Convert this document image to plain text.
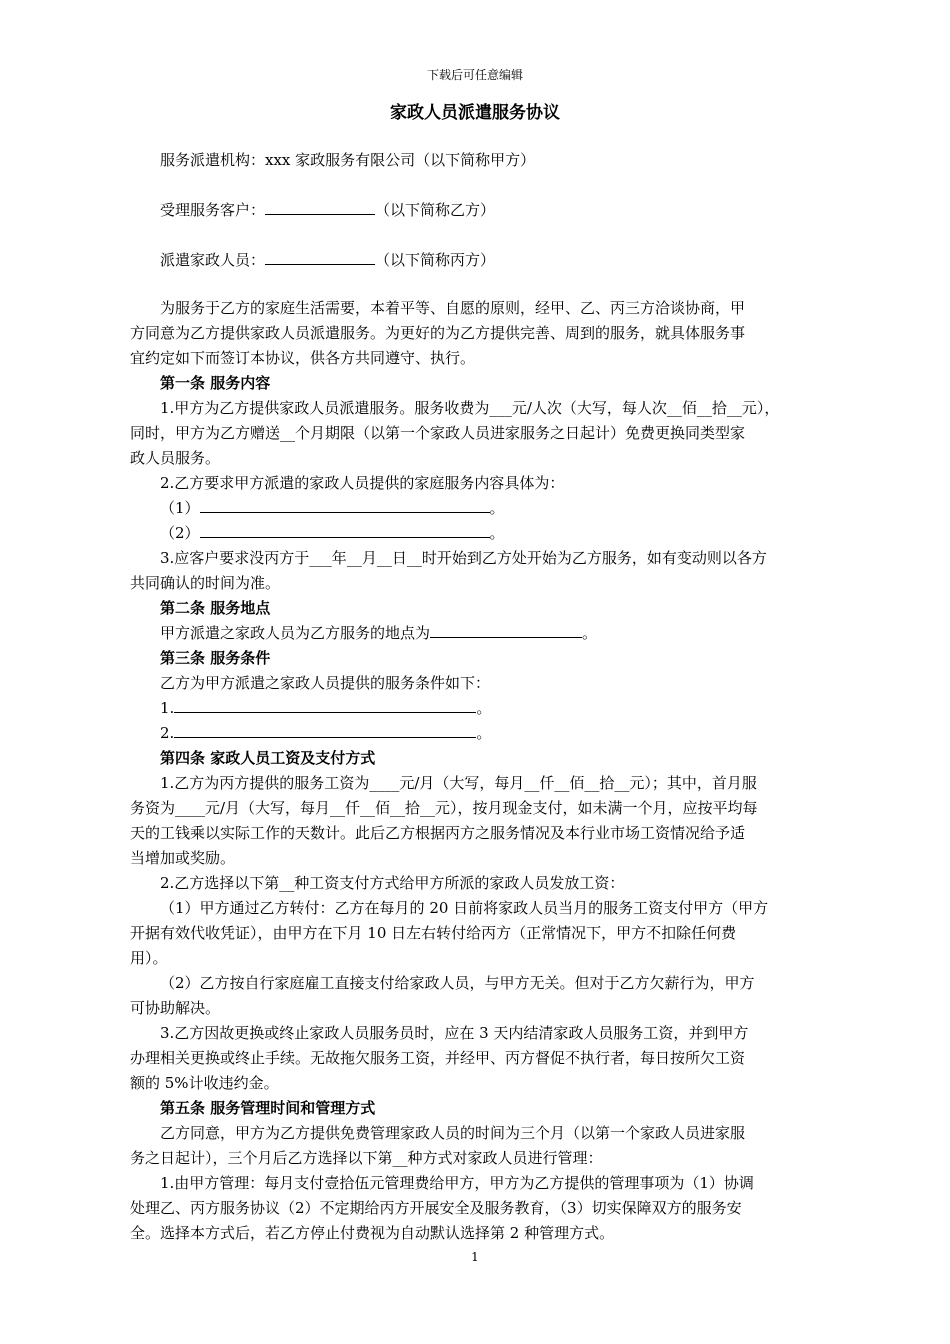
下载后可任意编辑
家政人员派遣服务协议
服务派遣机构：xxx 家政服务有限公司（以下简称甲方）
受理服务客户：	（以下简称乙方）
派遣家政人员：	（以下简称丙方）
为服务于乙方的家庭生活需要，本着平等、自愿的原则，经甲、乙、丙三方洽谈协商，甲
方同意为乙方提供家政人员派遣服务。为更好的为乙方提供完善、周到的服务，就具体服务事
宜约定如下而签订本协议，供各方共同遵守、执行。
第一条 服务内容
1.甲方为乙方提供家政人员派遣服务。服务收费为___元/人次（大写，每人次__佰__拾__元），
同时，甲方为乙方赠送__个月期限（以第一个家政人员进家服务之日起计）免费更换同类型家
政人员服务。
2.乙方要求甲方派遣的家政人员提供的家庭服务内容具体为：
（1）	。
（2）	。
3.应客户要求没丙方于___年__月__日__时开始到乙方处开始为乙方服务，如有变动则以各方
共同确认的时间为准。
第二条 服务地点
甲方派遣之家政人员为乙方服务的地点为	。
第三条 服务条件
乙方为甲方派遣之家政人员提供的服务条件如下：
1.	。
2.	。
第四条 家政人员工资及支付方式
1.乙方为丙方提供的服务工资为____元/月（大写，每月__仟__佰__拾__元）；其中，首月服
务资为____元/月（大写，每月__仟__佰__拾__元），按月现金支付，如未满一个月，应按平均每
天的工钱乘以实际工作的天数计。此后乙方根据丙方之服务情况及本行业市场工资情况给予适
当增加或奖励。
2.乙方选择以下第__种工资支付方式给甲方所派的家政人员发放工资：
（1）甲方通过乙方转付：乙方在每月的 20 日前将家政人员当月的服务工资支付甲方（甲方
开据有效代收凭证），由甲方在下月 10 日左右转付给丙方（正常情况下，甲方不扣除任何费
用）。
（2）乙方按自行家庭雇工直接支付给家政人员，与甲方无关。但对于乙方欠薪行为，甲方
可协助解决。
3.乙方因故更换或终止家政人员服务员时，应在 3 天内结清家政人员服务工资，并到甲方
办理相关更换或终止手续。无故拖欠服务工资，并经甲、丙方督促不执行者，每日按所欠工资
额的 5%计收违约金。
第五条 服务管理时间和管理方式
乙方同意，甲方为乙方提供免费管理家政人员的时间为三个月（以第一个家政人员进家服
务之日起计），三个月后乙方选择以下第__种方式对家政人员进行管理：
1.由甲方管理：每月支付壹拾伍元管理费给甲方，甲方为乙方提供的管理事项为（1）协调
处理乙、丙方服务协议（2）不定期给丙方开展安全及服务教育，（3）切实保障双方的服务安
全。选择本方式后，若乙方停止付费视为自动默认选择第 2 种管理方式。
1
